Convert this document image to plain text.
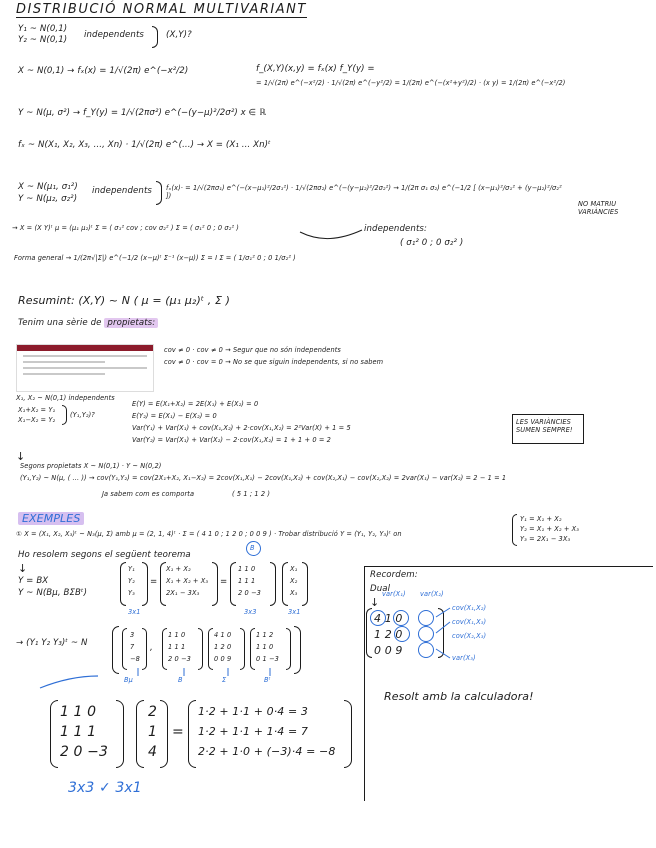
DISTRIBUCIÓ NORMAL MULTIVARIANT
Y₁ ~ N(0,1)
Y₂ ~ N(0,1) independents	(X,Y)?
X ~ N(0,1) → fₓ(x) = 1/√(2π) e^(−x²/2)
Y ~ N(μ, σ²) → f_Y(y) = 1/√(2πσ²) e^(−(y−μ)²/2σ²) x ∈ ℝ
fₓ ~ N(X₁, X₂, X₃, ..., Xn) · 1/√(2π) e^(...) → X = (X₁ ... Xn)ᵗ
f_(X,Y)(x,y) = fₓ(x) f_Y(y) =
= 1/√(2π) e^(−x²/2) · 1/√(2π) e^(−y²/2) = 1/(2π) e^(−(x²+y²)/2) · (x y) = 1/(2π) e^(−x²/2)
X ~ N(μ₁, σ₁²)
Y ~ N(μ₂, σ₂²)
independents fₓ(x)· = 1/√(2πσ₁) e^(−(x−μ₁)²/2σ₁²) · 1/√(2πσ₂) e^(−(y−μ₂)²/2σ₂²) → 1/(2π σ₁ σ₂) e^(−1/2 [ (x−μ₁)²/σ₁² + (y−μ₂)²/σ₂² ])
NO MATRIU VARIÀNCIES
→ X = (X Y)ᵗ μ = (μ₁ μ₂)ᵗ Σ = ( σ₁² cov ; cov σ₂² ) Σ = ( σ₁² 0 ; 0 σ₂² )	independents:
( σ₁² 0 ; 0 σ₂² )
Forma general → 1/(2π√|Σ|) e^(−1/2 (x−μ)ᵗ Σ⁻¹ (x−μ)) Σ = I Σ = ( 1/σ₁² 0 ; 0 1/σ₂² )
Resumint: (X,Y) ~ N ( μ = (μ₁ μ₂)ᵗ , Σ )
Tenim una sèrie de propietats:
cov ≠ 0 · cov ≠ 0 → Segur que no són independents
cov ≠ 0 · cov = 0 → No se que siguin independents, si no sabem
X₁, X₂ ~ N(0,1) independents
X₁+X₂ = Y₁
X₁−X₂ = Y₂
(Y₁,Y₂)?
E(Y) = E(X₁+X₂) = 2E(X₁) + E(X₂) = 0
E(Y₂) = E(X₁) − E(X₂) = 0
Var(Y₁) + Var(X₁) + cov(X₁,X₂) + 2·cov(X₁,X₂) = 2²Var(X) + 1 = 5
Var(Y₂) = Var(X₁) + Var(X₂) − 2·cov(X₁,X₂) = 1 + 1 + 0 = 2
LES VARIÀNCIES SUMEN SEMPRE!
↓
Segons propietats X ~ N(0,1) · Y ~ N(0,2)
(Y₁,Y₂) ~ N(μ, ( ... )) → cov(Y₁,Y₂) = cov(2X₁+X₂, X₁−X₂) = 2cov(X₁,X₁) − 2cov(X₁,X₂) + cov(X₂,X₁) − cov(X₂,X₂) = 2var(X₁) − var(X₂) = 2 − 1 = 1
Ja sabem com es comporta	( 5 1 ; 1 2 )
EXEMPLES
① X = (X₁, X₂, X₃)ᵗ ~ N₃(μ, Σ) amb μ = (2, 1, 4)ᵗ · Σ = ( 4 1 0 ; 1 2 0 ; 0 0 9 ) · Trobar distribució Y = (Y₁, Y₂, Y₃)ᵗ on
Y₁ = X₁ + X₂
Y₂ = X₁ + X₂ + X₃
Y₃ = 2X₁ − 3X₃
Ho resolem segons el següent teorema
B
↓
Y = BX
Y ~ N(Bμ, BΣBᵗ)
Y₁
Y₂
Y₃
=
X₁ + X₂
X₁ + X₂ + X₃
2X₁ − 3X₃
=
1 1 0
1 1 1
2 0 −3
X₁
X₂
X₃
3x1	3x3	3x1
→ (Y₁ Y₂ Y₃)ᵗ ~ N
3
7
−8
,
1 1 0
1 1 1
2 0 −3
4 1 0
1 2 0
0 0 9
1 1 2
1 1 0
0 1 −3
Bμ	B	Σ	Bᵗ
1 1 0
1 1 1
2 0 −3
2
1
4
=
1·2 + 1·1 + 0·4 = 3
1·2 + 1·1 + 1·4 = 7
2·2 + 1·0 + (−3)·4 = −8
3x3 ✓ 3x1
Recordem:
Dual
↓
4 1 0
1 2 0
0 0 9
var(X₁) var(X₂)
cov(X₁,X₂)
cov(X₁,X₃)
cov(X₂,X₃)
var(X₃)
Resolt amb la calculadora!
